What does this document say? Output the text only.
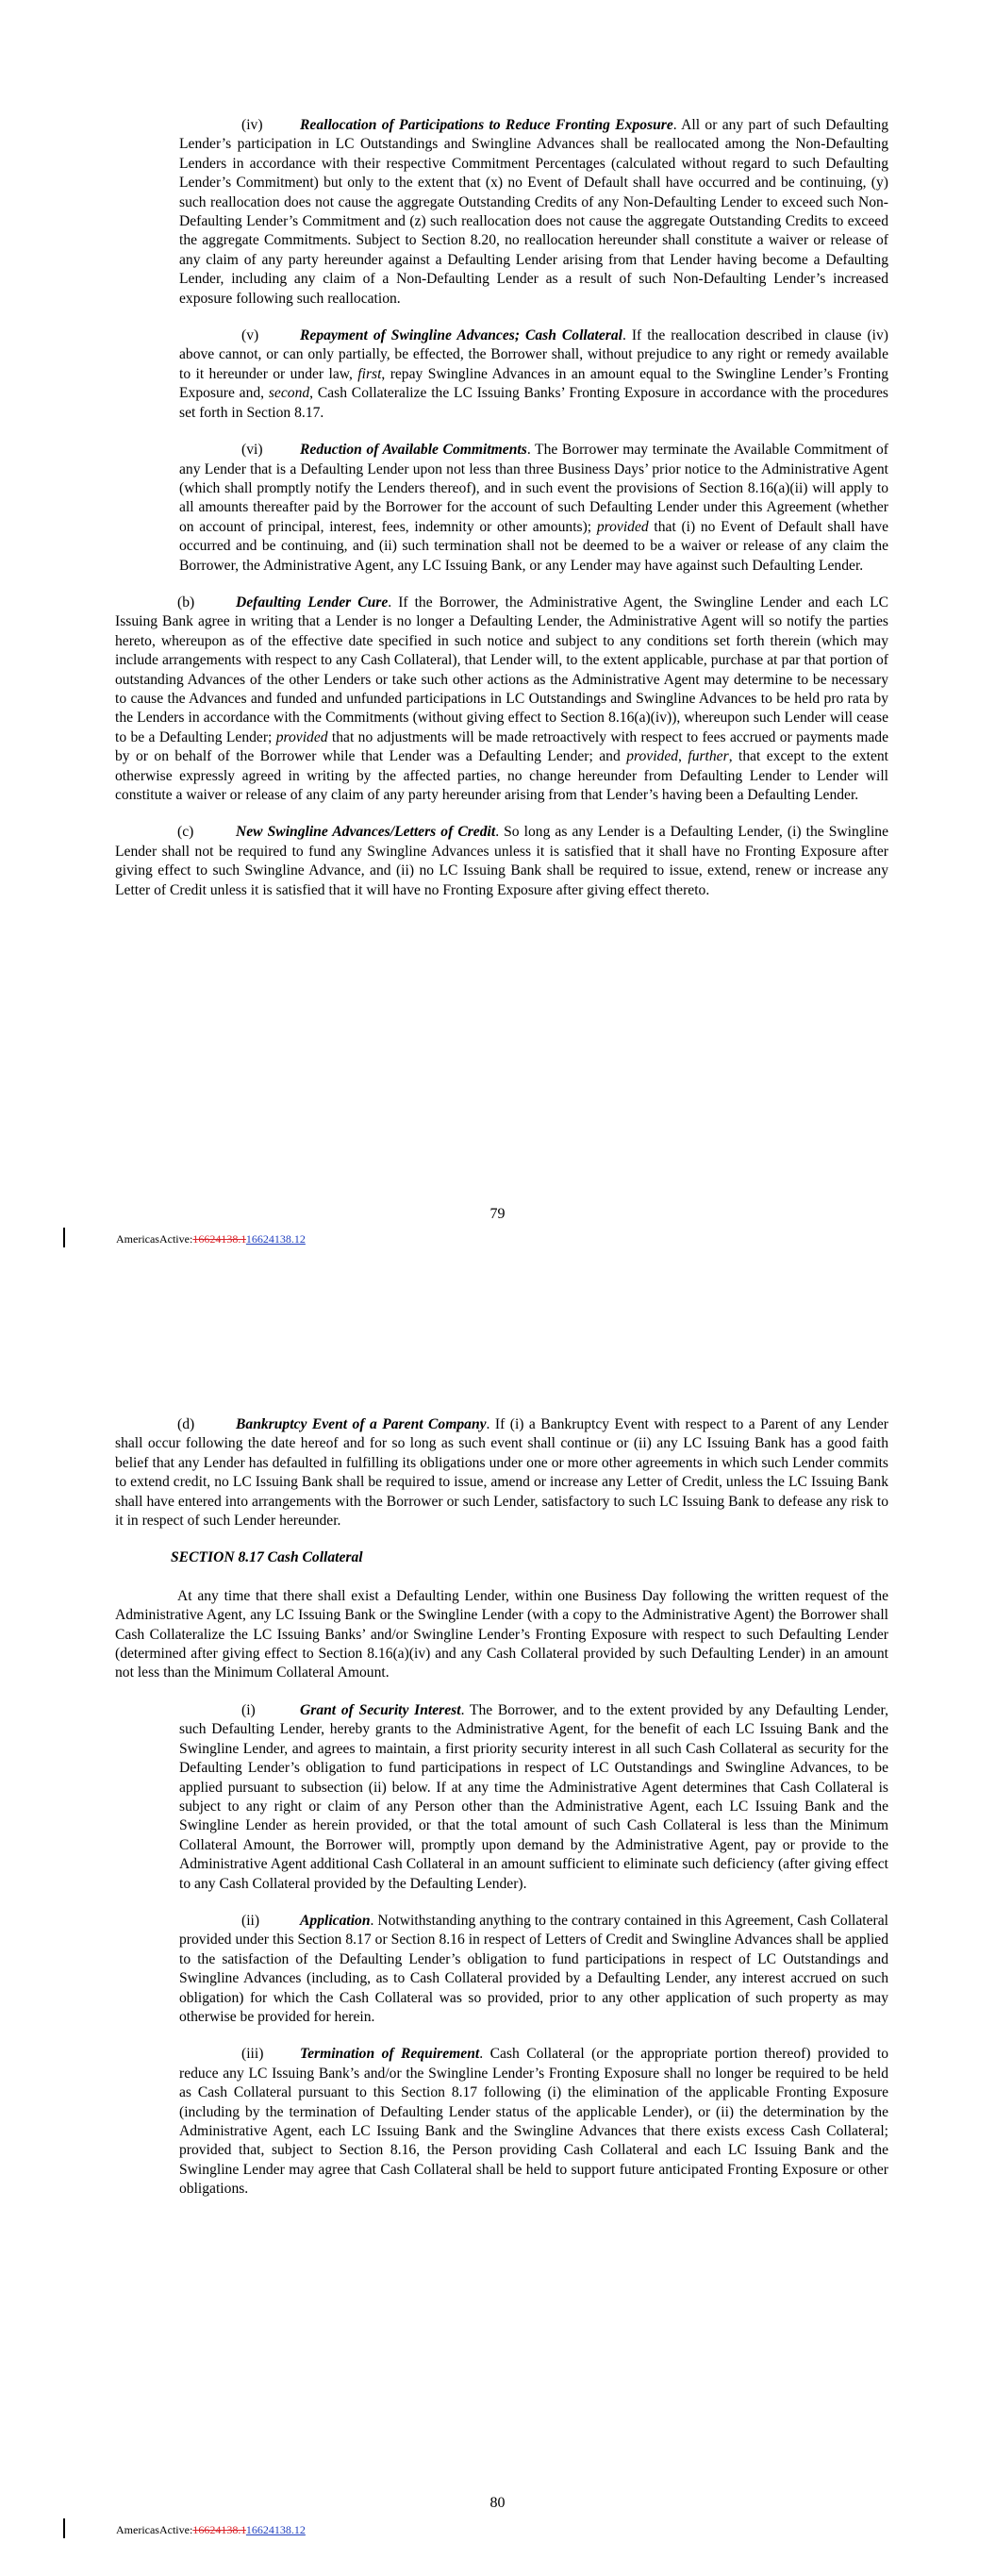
(iv)	Reallocation of Participations to Reduce Fronting Exposure. All or any part of such Defaulting Lender’s participation in LC Outstandings and Swingline Advances shall be reallocated among the Non-Defaulting Lenders in accordance with their respective Commitment Percentages (calculated without regard to such Defaulting Lender’s Commitment) but only to the extent that (x) no Event of Default shall have occurred and be continuing, (y) such reallocation does not cause the aggregate Outstanding Credits of any Non-Defaulting Lender to exceed such Non-Defaulting Lender’s Commitment and (z) such reallocation does not cause the aggregate Outstanding Credits to exceed the aggregate Commitments. Subject to Section 8.20, no reallocation hereunder shall constitute a waiver or release of any claim of any party hereunder against a Defaulting Lender arising from that Lender having become a Defaulting Lender, including any claim of a Non-Defaulting Lender as a result of such Non-Defaulting Lender’s increased exposure following such reallocation.

(v)	Repayment of Swingline Advances; Cash Collateral. If the reallocation described in clause (iv) above cannot, or can only partially, be effected, the Borrower shall, without prejudice to any right or remedy available to it hereunder or under law, first, repay Swingline Advances in an amount equal to the Swingline Lender’s Fronting Exposure and, second, Cash Collateralize the LC Issuing Banks’ Fronting Exposure in accordance with the procedures set forth in Section 8.17.

(vi)	Reduction of Available Commitments. The Borrower may terminate the Available Commitment of any Lender that is a Defaulting Lender upon not less than three Business Days’ prior notice to the Administrative Agent (which shall promptly notify the Lenders thereof), and in such event the provisions of Section 8.16(a)(ii) will apply to all amounts thereafter paid by the Borrower for the account of such Defaulting Lender under this Agreement (whether on account of principal, interest, fees, indemnity or other amounts); provided that (i) no Event of Default shall have occurred and be continuing, and (ii) such termination shall not be deemed to be a waiver or release of any claim the Borrower, the Administrative Agent, any LC Issuing Bank, or any Lender may have against such Defaulting Lender.

(b)	Defaulting Lender Cure. If the Borrower, the Administrative Agent, the Swingline Lender and each LC Issuing Bank agree in writing that a Lender is no longer a Defaulting Lender, the Administrative Agent will so notify the parties hereto, whereupon as of the effective date specified in such notice and subject to any conditions set forth therein (which may include arrangements with respect to any Cash Collateral), that Lender will, to the extent applicable, purchase at par that portion of outstanding Advances of the other Lenders or take such other actions as the Administrative Agent may determine to be necessary to cause the Advances and funded and unfunded participations in LC Outstandings and Swingline Advances to be held pro rata by the Lenders in accordance with the Commitments (without giving effect to Section 8.16(a)(iv)), whereupon such Lender will cease to be a Defaulting Lender; provided that no adjustments will be made retroactively with respect to fees accrued or payments made by or on behalf of the Borrower while that Lender was a Defaulting Lender; and provided, further, that except to the extent otherwise expressly agreed in writing by the affected parties, no change hereunder from Defaulting Lender to Lender will constitute a waiver or release of any claim of any party hereunder arising from that Lender’s having been a Defaulting Lender.

(c)	New Swingline Advances/Letters of Credit. So long as any Lender is a Defaulting Lender, (i) the Swingline Lender shall not be required to fund any Swingline Advances unless it is satisfied that it shall have no Fronting Exposure after giving effect to such Swingline Advance, and (ii) no LC Issuing Bank shall be required to issue, extend, renew or increase any Letter of Credit unless it is satisfied that it will have no Fronting Exposure after giving effect thereto.

79
AmericasActive:16624138.116624138.12

(d)	Bankruptcy Event of a Parent Company. If (i) a Bankruptcy Event with respect to a Parent of any Lender shall occur following the date hereof and for so long as such event shall continue or (ii) any LC Issuing Bank has a good faith belief that any Lender has defaulted in fulfilling its obligations under one or more other agreements in which such Lender commits to extend credit, no LC Issuing Bank shall be required to issue, amend or increase any Letter of Credit, unless the LC Issuing Bank shall have entered into arrangements with the Borrower or such Lender, satisfactory to such LC Issuing Bank to defease any risk to it in respect of such Lender hereunder.

SECTION 8.17 Cash Collateral

At any time that there shall exist a Defaulting Lender, within one Business Day following the written request of the Administrative Agent, any LC Issuing Bank or the Swingline Lender (with a copy to the Administrative Agent) the Borrower shall Cash Collateralize the LC Issuing Banks’ and/or Swingline Lender’s Fronting Exposure with respect to such Defaulting Lender (determined after giving effect to Section 8.16(a)(iv) and any Cash Collateral provided by such Defaulting Lender) in an amount not less than the Minimum Collateral Amount.

(i)	Grant of Security Interest. The Borrower, and to the extent provided by any Defaulting Lender, such Defaulting Lender, hereby grants to the Administrative Agent, for the benefit of each LC Issuing Bank and the Swingline Lender, and agrees to maintain, a first priority security interest in all such Cash Collateral as security for the Defaulting Lender’s obligation to fund participations in respect of LC Outstandings and Swingline Advances, to be applied pursuant to subsection (ii) below. If at any time the Administrative Agent determines that Cash Collateral is subject to any right or claim of any Person other than the Administrative Agent, each LC Issuing Bank and the Swingline Lender as herein provided, or that the total amount of such Cash Collateral is less than the Minimum Collateral Amount, the Borrower will, promptly upon demand by the Administrative Agent, pay or provide to the Administrative Agent additional Cash Collateral in an amount sufficient to eliminate such deficiency (after giving effect to any Cash Collateral provided by the Defaulting Lender).

(ii)	Application. Notwithstanding anything to the contrary contained in this Agreement, Cash Collateral provided under this Section 8.17 or Section 8.16 in respect of Letters of Credit and Swingline Advances shall be applied to the satisfaction of the Defaulting Lender’s obligation to fund participations in respect of LC Outstandings and Swingline Advances (including, as to Cash Collateral provided by a Defaulting Lender, any interest accrued on such obligation) for which the Cash Collateral was so provided, prior to any other application of such property as may otherwise be provided for herein.

(iii) Termination of Requirement. Cash Collateral (or the appropriate portion thereof) provided to reduce any LC Issuing Bank’s and/or the Swingline Lender’s Fronting Exposure shall no longer be required to be held as Cash Collateral pursuant to this Section 8.17 following (i) the elimination of the applicable Fronting Exposure (including by the termination of Defaulting Lender status of the applicable Lender), or (ii) the determination by the Administrative Agent, each LC Issuing Bank and the Swingline Advances that there exists excess Cash Collateral; provided that, subject to Section 8.16, the Person providing Cash Collateral and each LC Issuing Bank and the Swingline Lender may agree that Cash Collateral shall be held to support future anticipated Fronting Exposure or other obligations.

80
AmericasActive:16624138.116624138.12
